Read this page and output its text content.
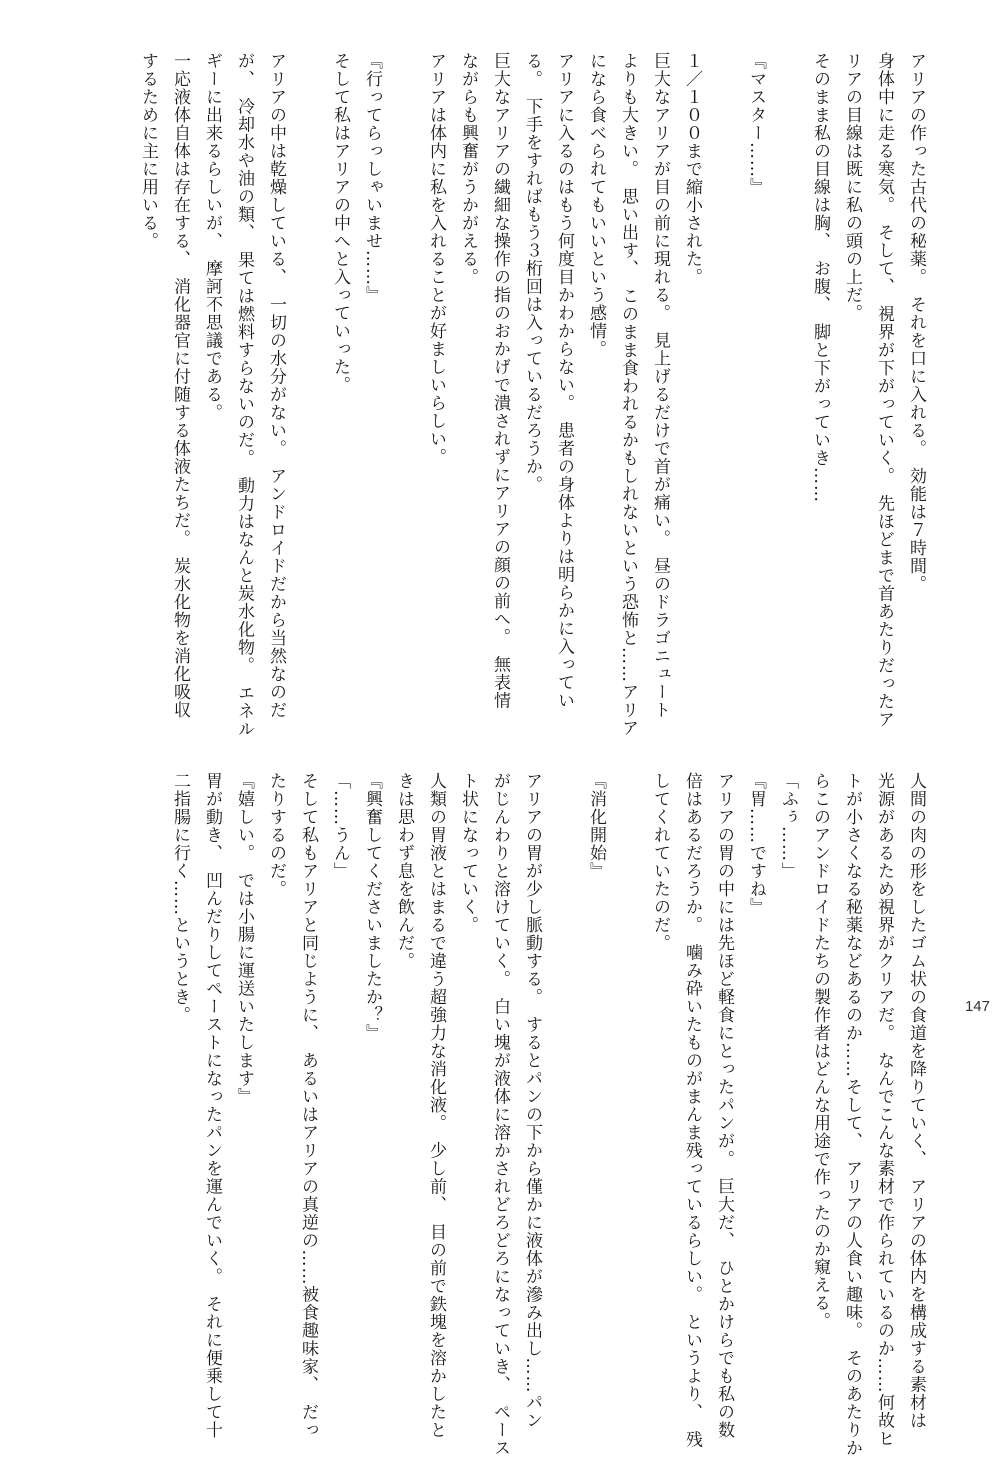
アリアの作った古代の秘薬。　それを口に入れる。　効能は７時間。
身体中に走る寒気。　そして、　視界が下がっていく。　先ほどまで首あたりだったア
リアの目線は既に私の頭の上だ。
そのまま私の目線は胸、　お腹、　脚と下がっていき……

『マスター……』

１／１００まで縮小された。
巨大なアリアが目の前に現れる。　見上げるだけで首が痛い。　昼のドラゴニュート
よりも大きい。　思い出す、　このまま食われるかもしれないという恐怖と……アリア
になら食べられてもいいという感情。
アリアに入るのはもう何度目かわからない。　患者の身体よりは明らかに入ってい
る。　下手をすればもう３桁回は入っているだろうか。
巨大なアリアの繊細な操作の指のおかげで潰されずにアリアの顔の前へ。　無表情
ながらも興奮がうかがえる。
アリアは体内に私を入れることが好ましいらしい。

『行ってらっしゃいませ……』
そして私はアリアの中へと入っていった。

アリアの中は乾燥している、　一切の水分がない。　アンドロイドだから当然なのだ
が、　冷却水や油の類、　果ては燃料すらないのだ。　動力はなんと炭水化物。　エネル
ギーに出来るらしいが、　摩訶不思議である。
一応液体自体は存在する、　消化器官に付随する体液たちだ。　炭水化物を消化吸収
するために主に用いる。
人間の肉の形をしたゴム状の食道を降りていく、　アリアの体内を構成する素材は
光源があるため視界がクリアだ。　なんでこんな素材で作られているのか……何故ヒ
トが小さくなる秘薬などあるのか……そして、　アリアの人食い趣味。　そのあたりか
らこのアンドロイドたちの製作者はどんな用途で作ったのか窺える。
「ふぅ……」
『胃……ですね』
アリアの胃の中には先ほど軽食にとったパンが。　巨大だ、　ひとかけらでも私の数
倍はあるだろうか。　噛み砕いたものがまんま残っているらしい。　というより、　残
してくれていたのだ。

『消化開始』

アリアの胃が少し脈動する。　するとパンの下から僅かに液体が滲み出し……パン
がじんわりと溶けていく。　白い塊が液体に溶かされどろどろになっていき、　ペース
ト状になっていく。
人類の胃液とはまるで違う超強力な消化液。　少し前、　目の前で鉄塊を溶かしたと
きは思わず息を飲んだ。
『興奮してくださいましたか？』
「……うん」
そして私もアリアと同じように、　あるいはアリアの真逆の……被食趣味家、　だっ
たりするのだ。
『嬉しい。　では小腸に運送いたします』
胃が動き、　凹んだりしてペーストになったパンを運んでいく。　それに便乗して十
二指腸に行く……というとき。	147
